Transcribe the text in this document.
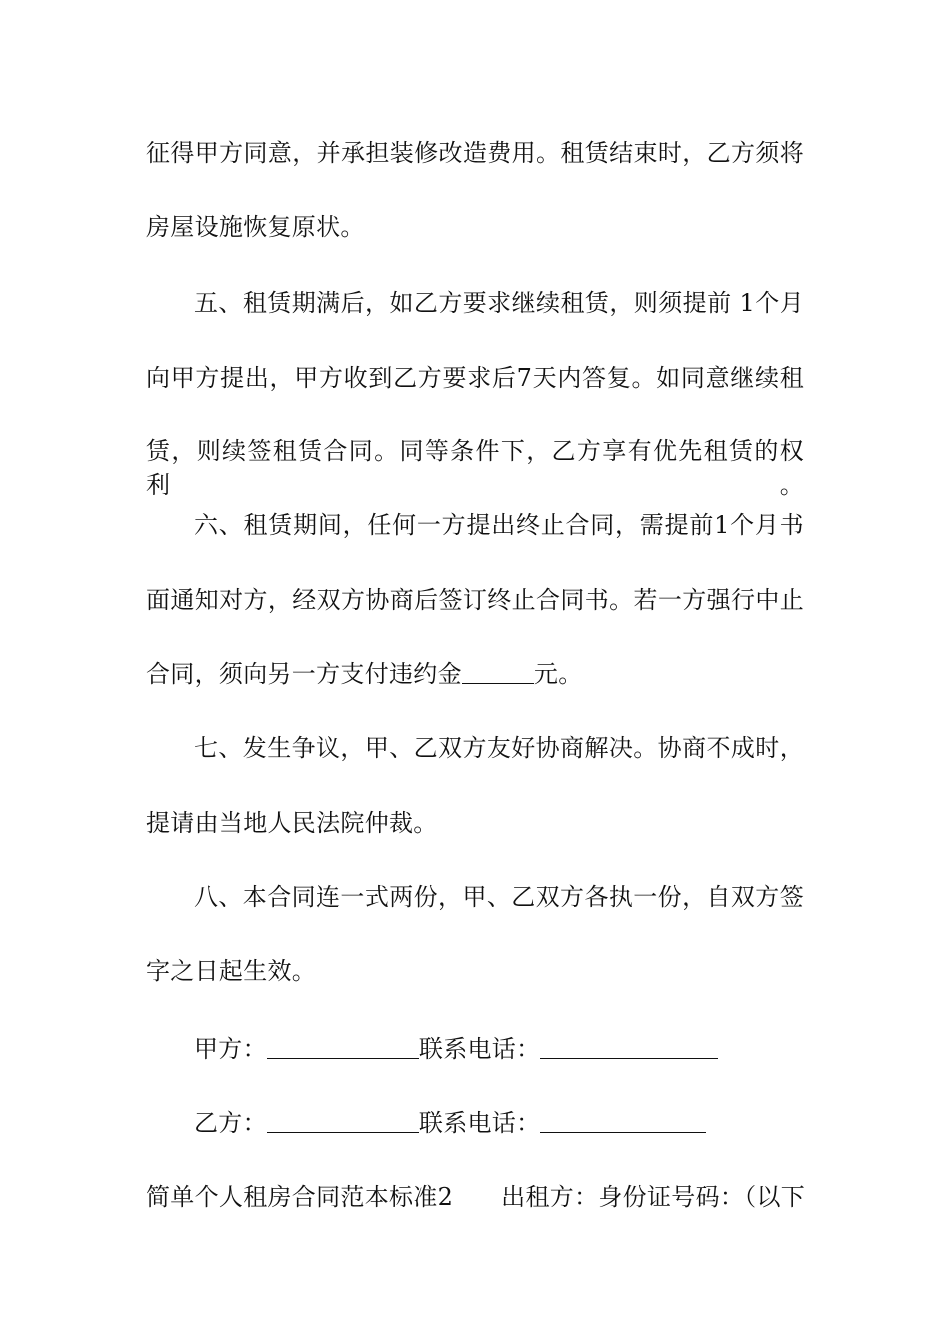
征得甲方同意，并承担装修改造费用。租赁结束时，乙方须将
房屋设施恢复原状。
五、租赁期满后，如乙方要求继续租赁，则须提前 1个月
向甲方提出，甲方收到乙方要求后7天内答复。如同意继续租
赁，则续签租赁合同。同等条件下，乙方享有优先租赁的权利。
六、租赁期间，任何一方提出终止合同，需提前1个月书
面通知对方，经双方协商后签订终止合同书。若一方强行中止
合同，须向另一方支付违约金	元。
七、发生争议，甲、乙双方友好协商解决。协商不成时，
提请由当地人民法院仲裁。
八、本合同连一式两份，甲、乙双方各执一份，自双方签
字之日起生效。
甲方：	联系电话：
乙方：	联系电话：
简单个人租房合同范本标准2 出租方：身份证号码：（以下
